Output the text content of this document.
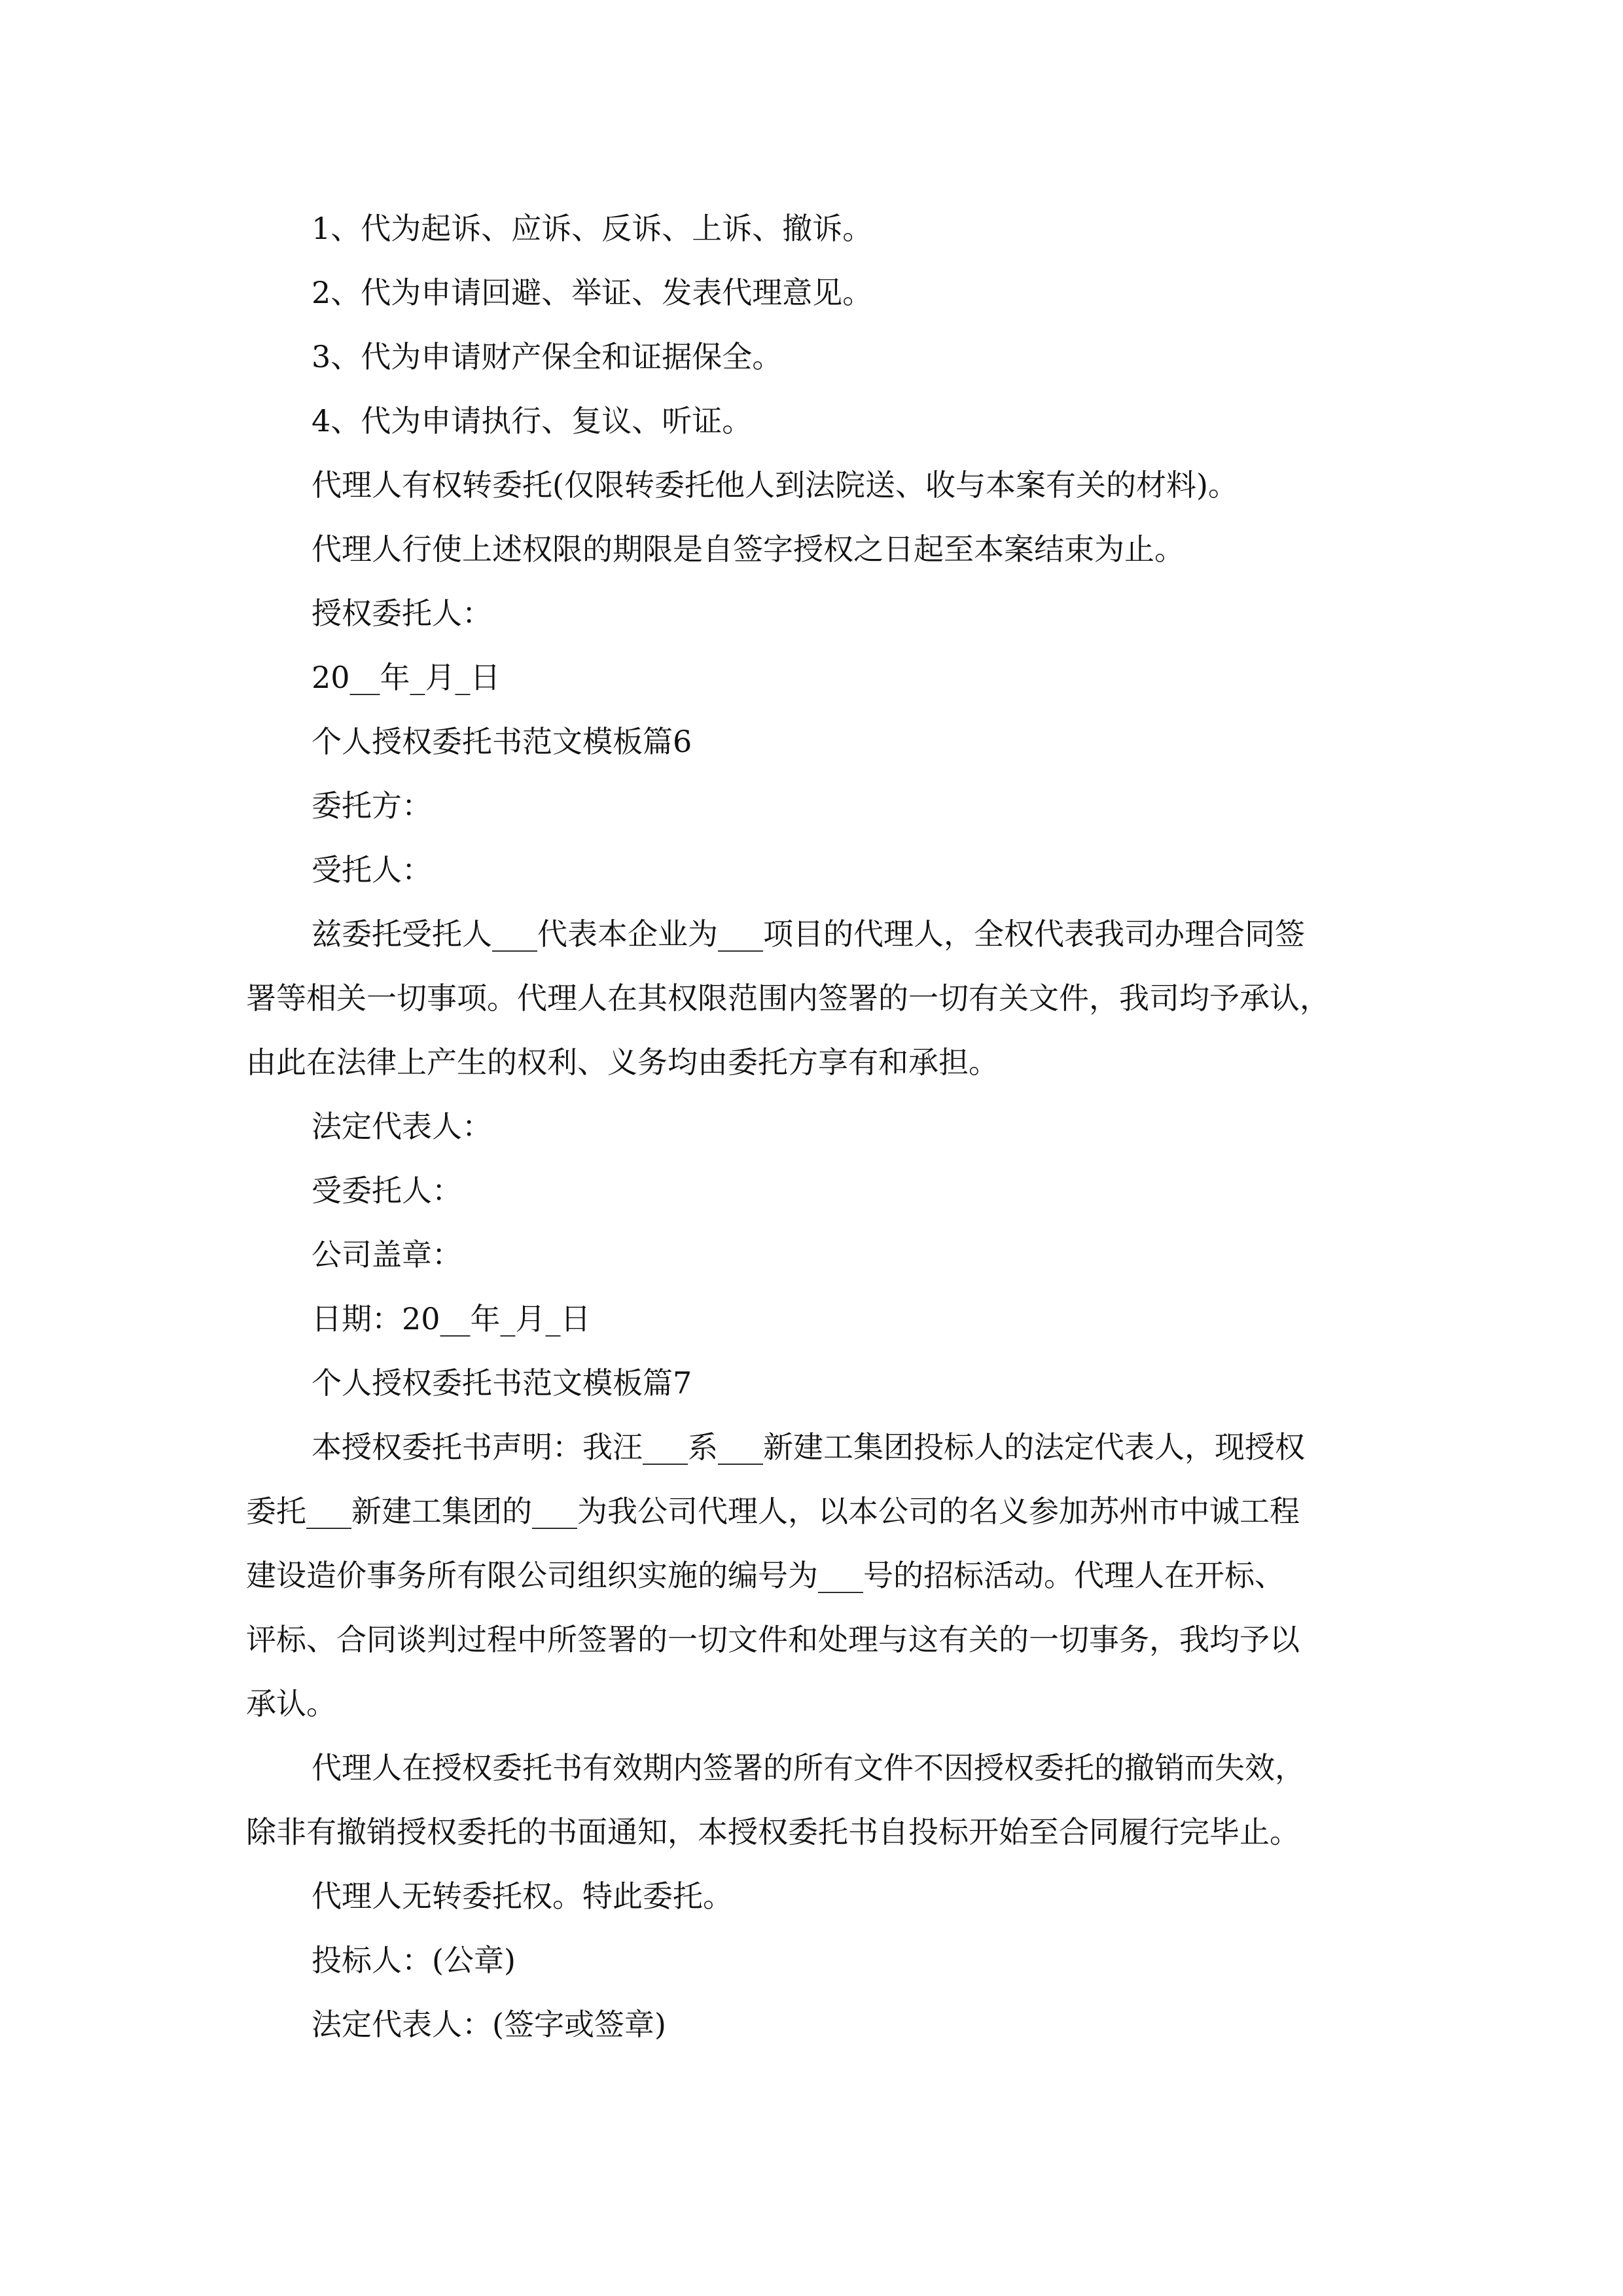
1、代为起诉、应诉、反诉、上诉、撤诉。

2、代为申请回避、举证、发表代理意见。

3、代为申请财产保全和证据保全。

4、代为申请执行、复议、听证。

代理人有权转委托(仅限转委托他人到法院送、收与本案有关的材料)。

代理人行使上述权限的期限是自签字授权之日起至本案结束为止。

授权委托人：

20__年_月_日

个人授权委托书范文模板篇6

委托方：

受托人：

兹委托受托人___代表本企业为___项目的代理人，全权代表我司办理合同签
署等相关一切事项。代理人在其权限范围内签署的一切有关文件，我司均予承认，
由此在法律上产生的权利、义务均由委托方享有和承担。

法定代表人：

受委托人：

公司盖章：

日期：20__年_月_日

个人授权委托书范文模板篇7

本授权委托书声明：我汪___系___新建工集团投标人的法定代表人，现授权
委托___新建工集团的___为我公司代理人，以本公司的名义参加苏州市中诚工程
建设造价事务所有限公司组织实施的编号为___号的招标活动。代理人在开标、
评标、合同谈判过程中所签署的一切文件和处理与这有关的一切事务，我均予以
承认。
代理人在授权委托书有效期内签署的所有文件不因授权委托的撤销而失效，
除非有撤销授权委托的书面通知，本授权委托书自投标开始至合同履行完毕止。

代理人无转委托权。特此委托。

投标人：(公章)

法定代表人：(签字或签章)
